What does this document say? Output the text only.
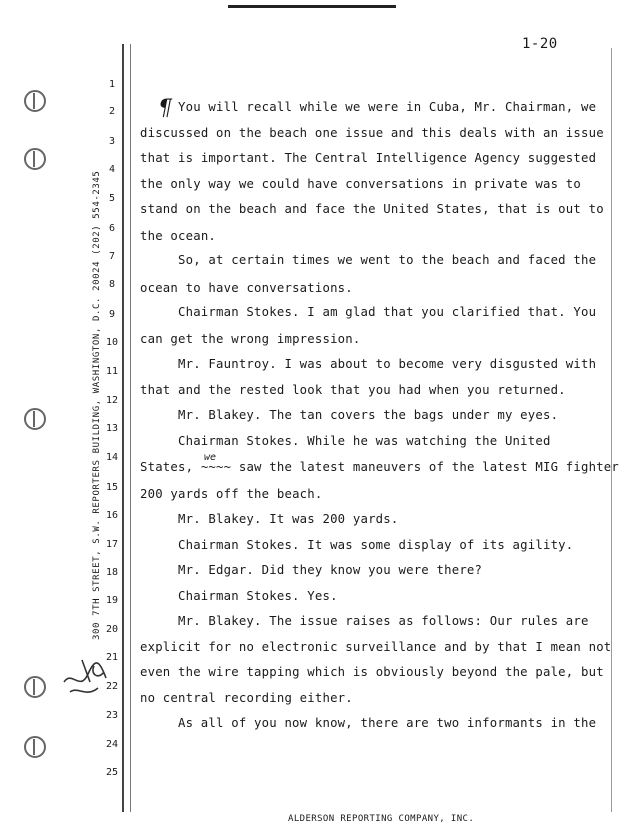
1-20
300 7TH STREET, S.W. REPORTERS BUILDING, WASHINGTON, D.C. 20024 (202) 554-2345
¶
we
1
2
3
4
5
6
7
8
9
10
11
12
13
14
15
16
17
18
19
20
21
22
23
24
25
You will recall while we were in Cuba, Mr. Chairman, we
discussed on the beach one issue and this deals with an issue
that is important. The Central Intelligence Agency suggested
the only way we could have conversations in private was to
stand on the beach and face the United States, that is out to
the ocean.
So, at certain times we went to the beach and faced the
ocean to have conversations.
Chairman Stokes. I am glad that you clarified that. You
can get the wrong impression.
Mr. Fauntroy. I was about to become very disgusted with
that and the rested look that you had when you returned.
Mr. Blakey. The tan covers the bags under my eyes.
Chairman Stokes. While he was watching the United
States, ~~~~ saw the latest maneuvers of the latest MIG fighter
200 yards off the beach.
Mr. Blakey. It was 200 yards.
Chairman Stokes. It was some display of its agility.
Mr. Edgar. Did they know you were there?
Chairman Stokes. Yes.
Mr. Blakey. The issue raises as follows: Our rules are
explicit for no electronic surveillance and by that I mean not
even the wire tapping which is obviously beyond the pale, but
no central recording either.
As all of you now know, there are two informants in the
ALDERSON REPORTING COMPANY, INC.
